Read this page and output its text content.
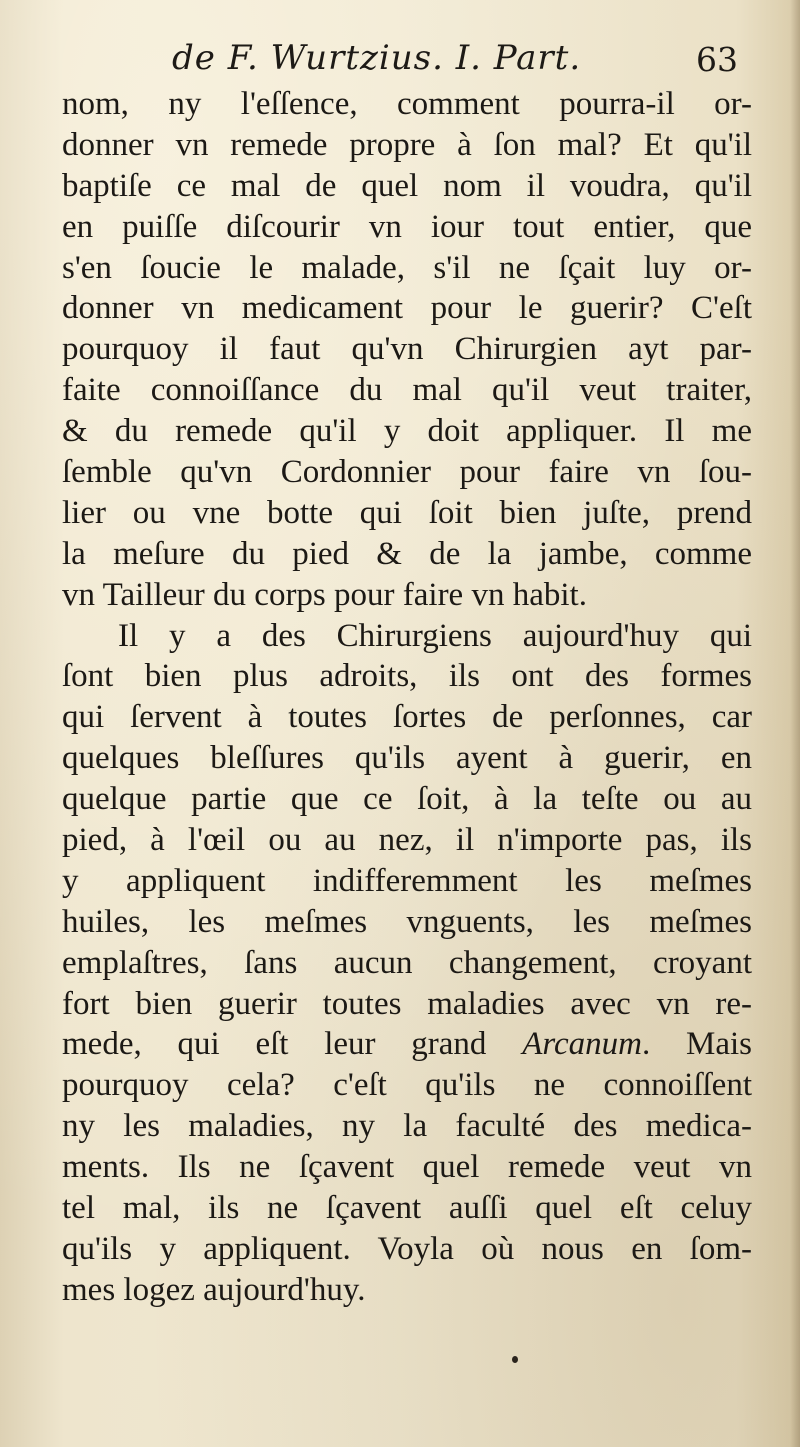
de F. Wurtzius. I. Part.	63
nom, ny l'eſſence, comment pourra-il or-
donner vn remede propre à ſon mal? Et qu'il
baptiſe ce mal de quel nom il voudra, qu'il
en puiſſe diſcourir vn iour tout entier, que
s'en ſoucie le malade, s'il ne ſçait luy or-
donner vn medicament pour le guerir? C'eſt
pourquoy il faut qu'vn Chirurgien ayt par-
faite connoiſſance du mal qu'il veut traiter,
& du remede qu'il y doit appliquer. Il me
ſemble qu'vn Cordonnier pour faire vn ſou-
lier ou vne botte qui ſoit bien juſte, prend
la meſure du pied & de la jambe, comme
vn Tailleur du corps pour faire vn habit.
Il y a des Chirurgiens aujourd'huy qui
ſont bien plus adroits, ils ont des formes
qui ſervent à toutes ſortes de perſonnes, car
quelques bleſſures qu'ils ayent à guerir, en
quelque partie que ce ſoit, à la teſte ou au
pied, à l'œil ou au nez, il n'importe pas, ils
y appliquent indifferemment les meſmes
huiles, les meſmes vnguents, les meſmes
emplaſtres, ſans aucun changement, croyant
fort bien guerir toutes maladies avec vn re-
mede, qui eſt leur grand Arcanum. Mais
pourquoy cela? c'eſt qu'ils ne connoiſſent
ny les maladies, ny la faculté des medica-
ments. Ils ne ſçavent quel remede veut vn
tel mal, ils ne ſçavent auſſi quel eſt celuy
qu'ils y appliquent. Voyla où nous en ſom-
mes logez aujourd'huy.
